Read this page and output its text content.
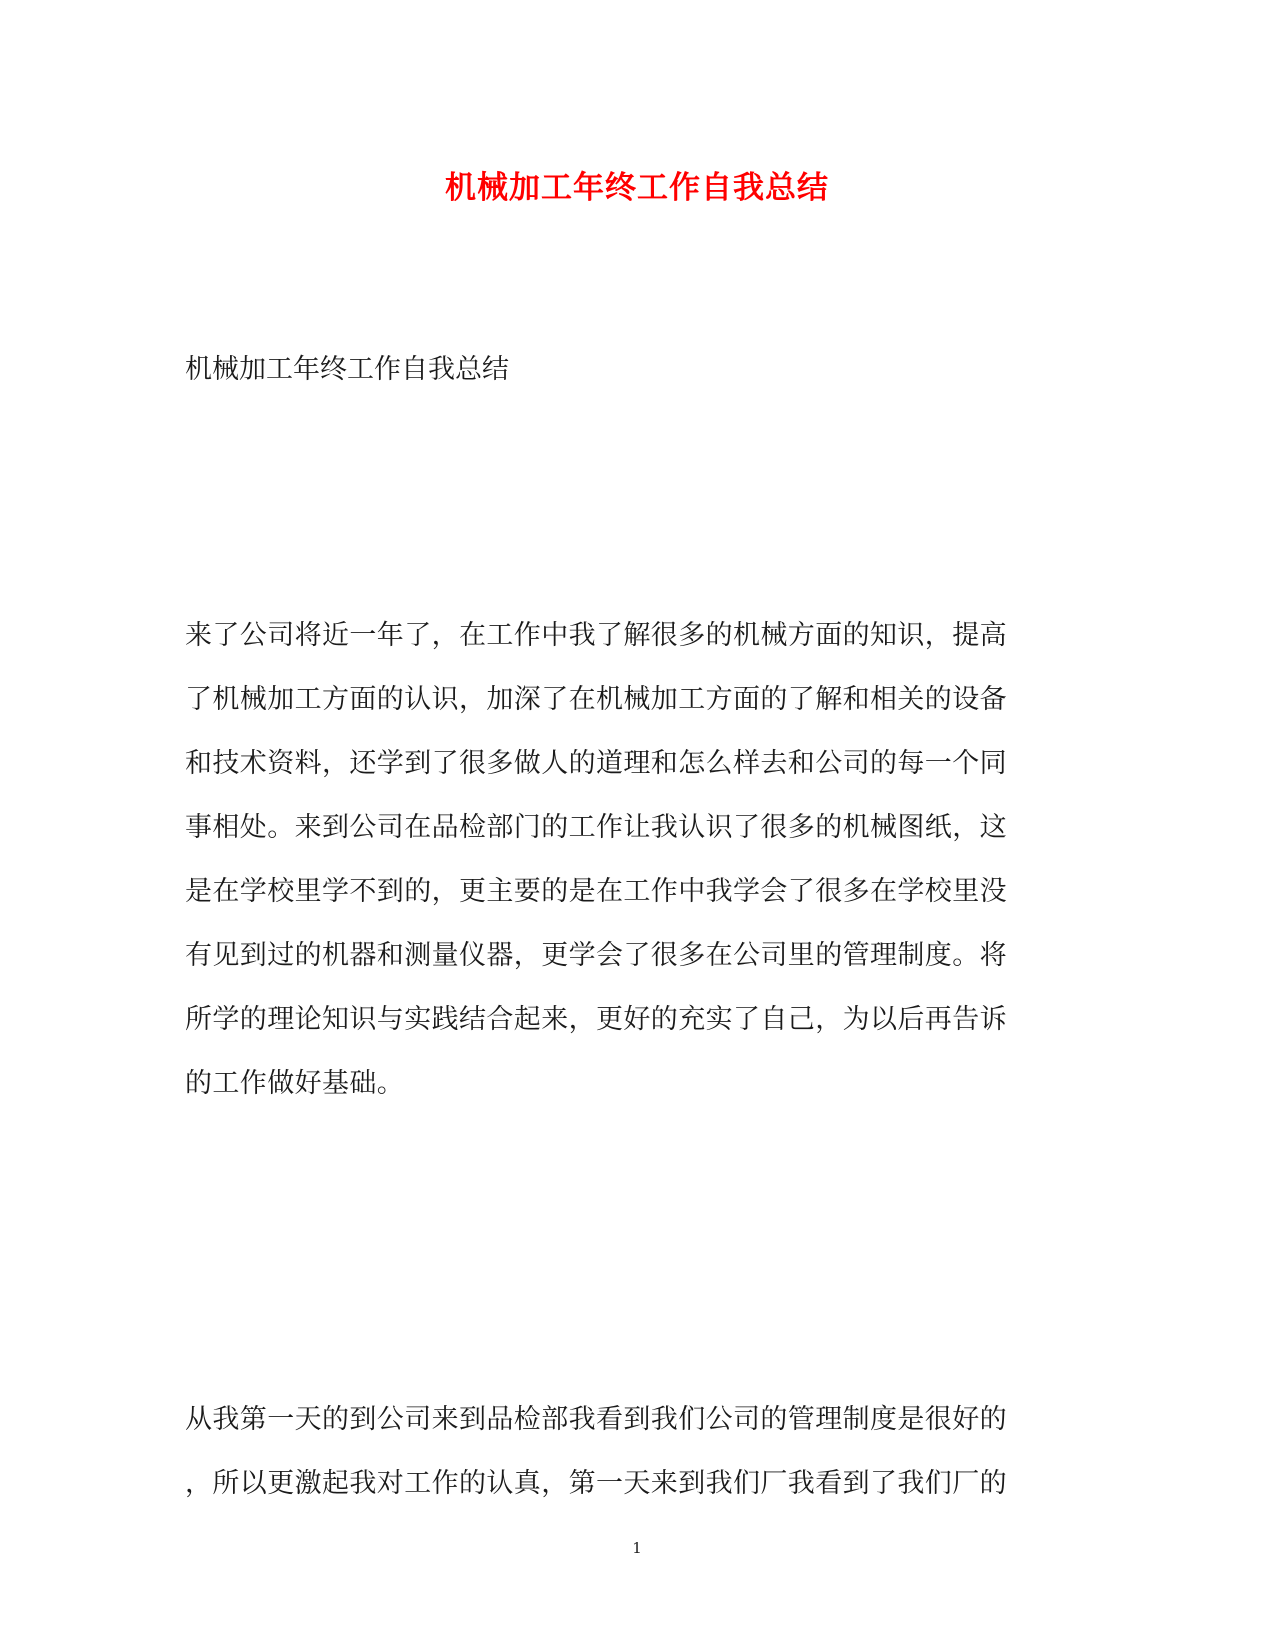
机械加工年终工作自我总结

机械加工年终工作自我总结

来了公司将近一年了，在工作中我了解很多的机械方面的知识，提高
了机械加工方面的认识，加深了在机械加工方面的了解和相关的设备
和技术资料，还学到了很多做人的道理和怎么样去和公司的每一个同
事相处。来到公司在品检部门的工作让我认识了很多的机械图纸，这
是在学校里学不到的，更主要的是在工作中我学会了很多在学校里没
有见到过的机器和测量仪器，更学会了很多在公司里的管理制度。将
所学的理论知识与实践结合起来，更好的充实了自己，为以后再告诉
的工作做好基础。
从我第一天的到公司来到品检部我看到我们公司的管理制度是很好的
，所以更激起我对工作的认真，第一天来到我们厂我看到了我们厂的

1
